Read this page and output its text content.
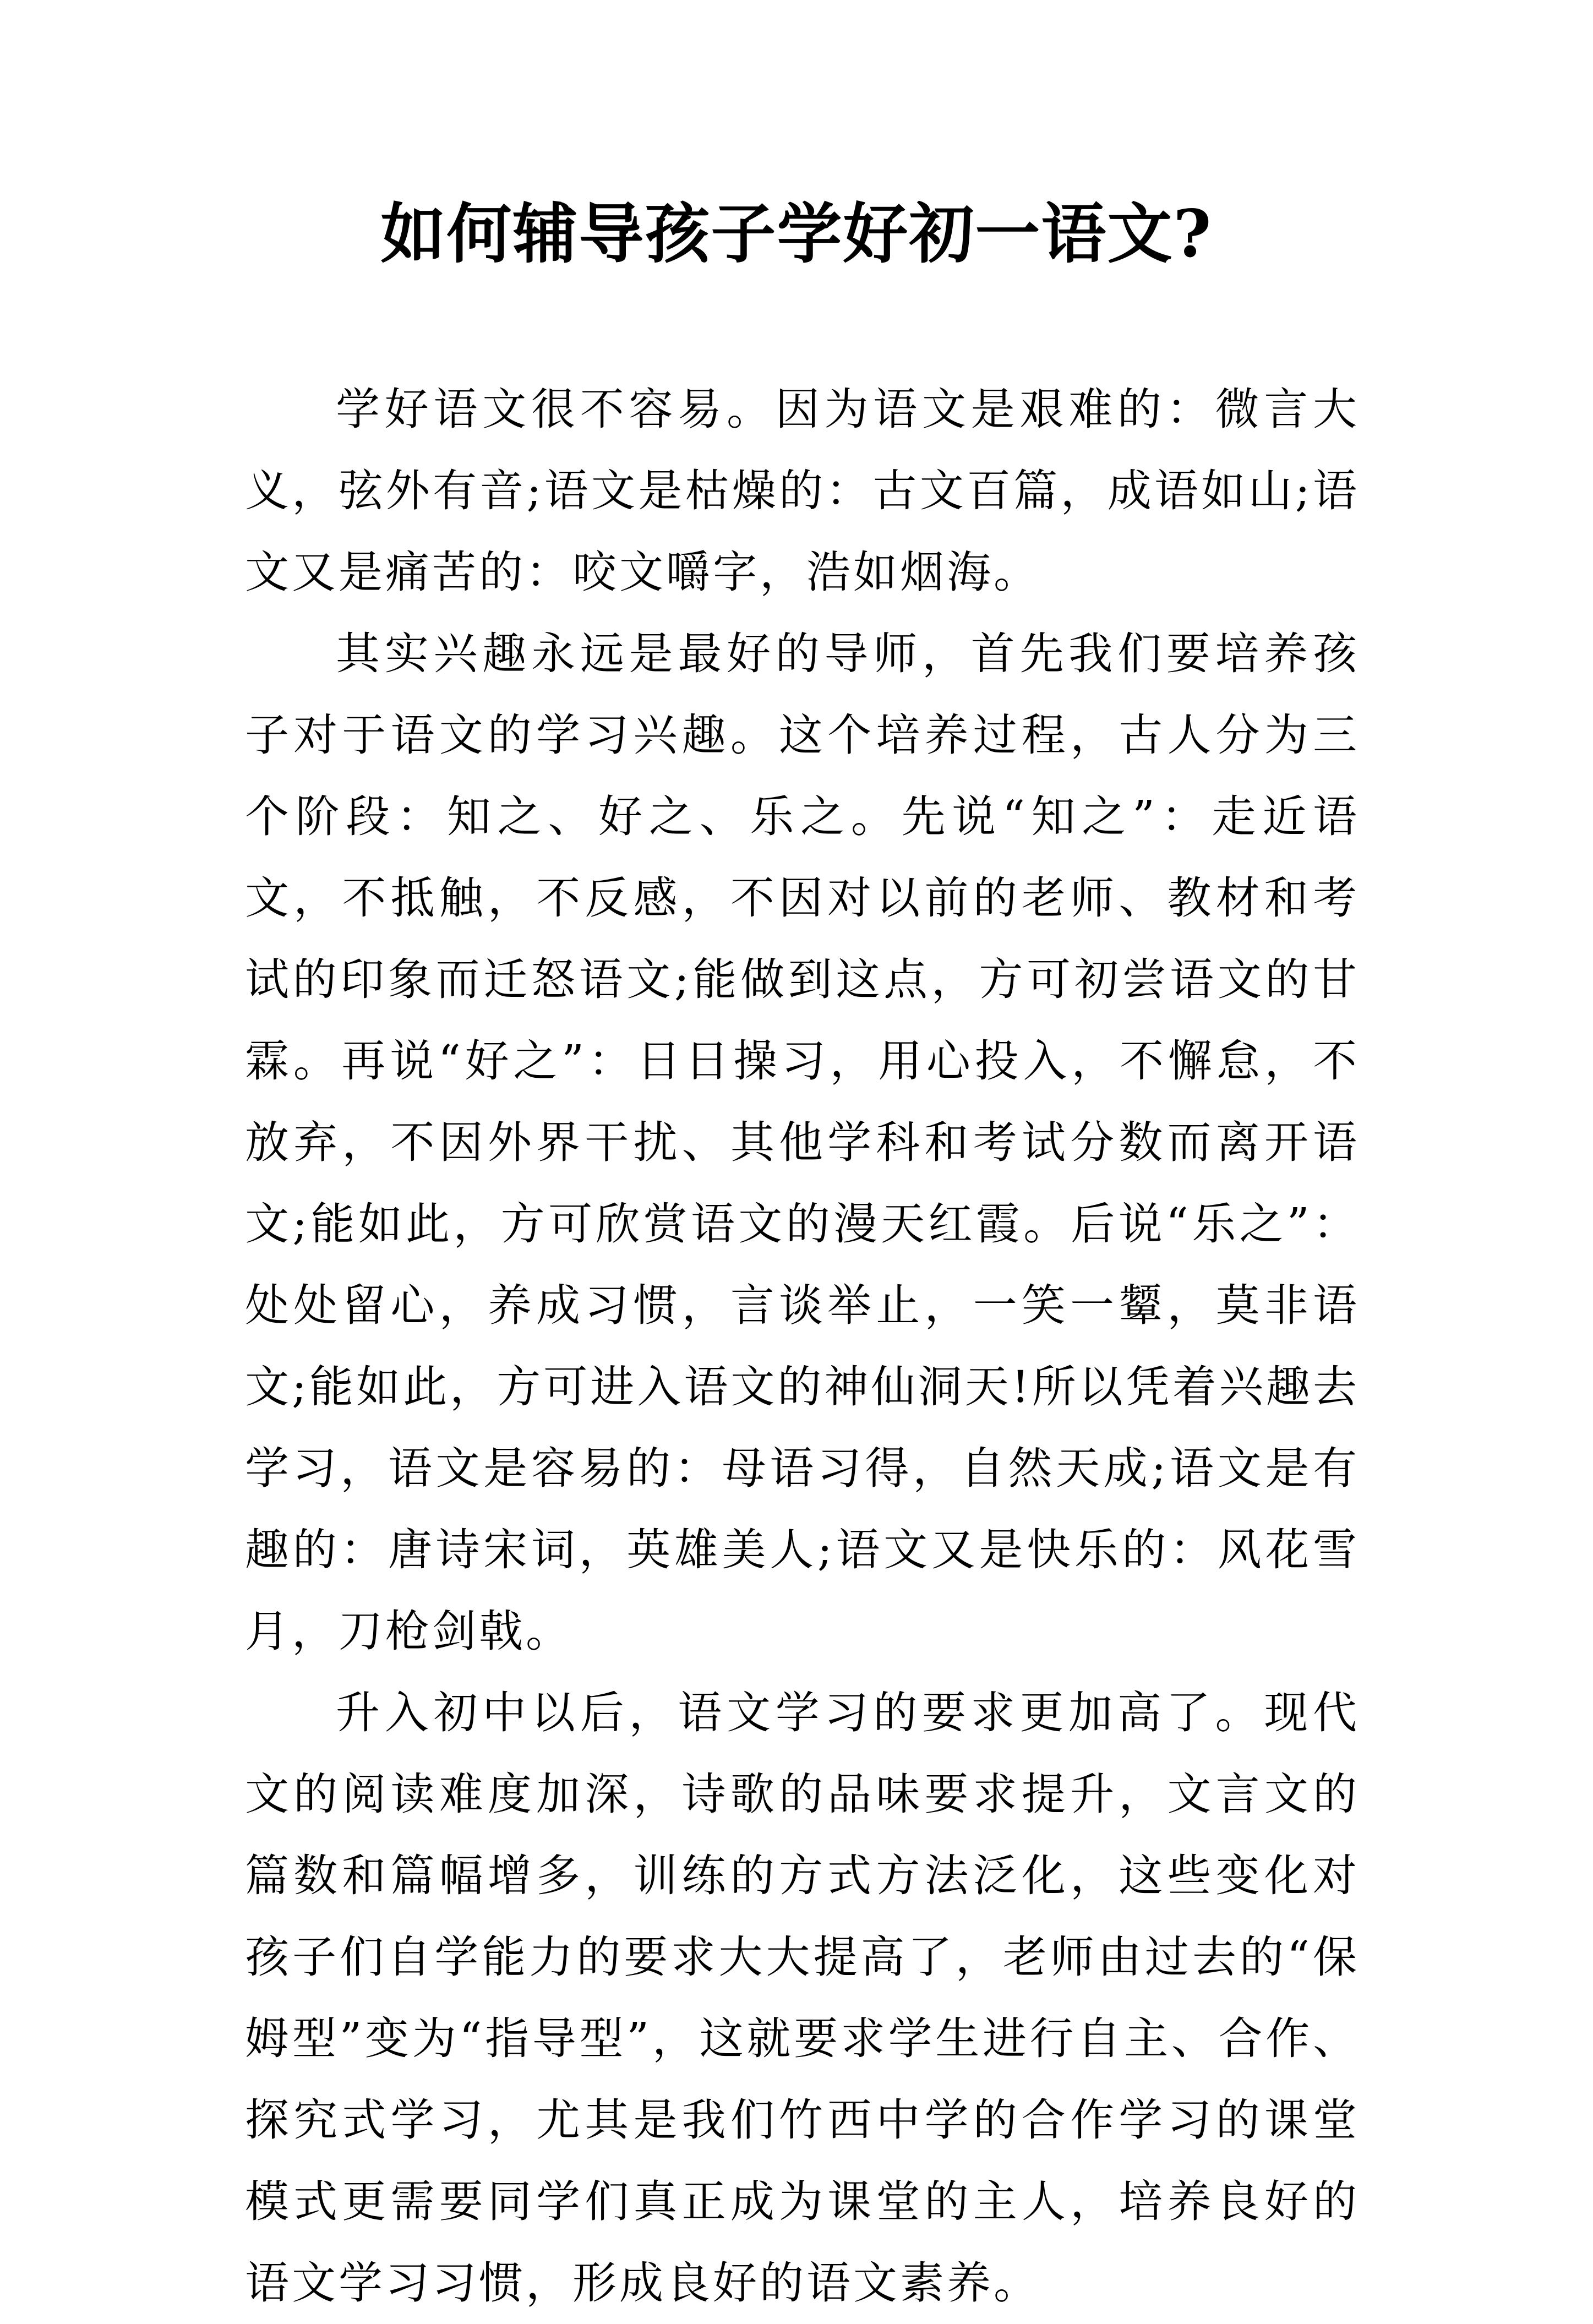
如何辅导孩子学好初一语文?

学好语文很不容易。因为语文是艰难的：微言大义，弦外有音;语文是枯燥的：古文百篇，成语如山;语文又是痛苦的：咬文嚼字，浩如烟海。

其实兴趣永远是最好的导师，首先我们要培养孩子对于语文的学习兴趣。这个培养过程，古人分为三个阶段：知之、好之、乐之。先说“知之”：走近语文，不抵触，不反感，不因对以前的老师、教材和考试的印象而迁怒语文;能做到这点，方可初尝语文的甘霖。再说“好之”：日日操习，用心投入，不懈怠，不放弃，不因外界干扰、其他学科和考试分数而离开语文;能如此，方可欣赏语文的漫天红霞。后说“乐之”：处处留心，养成习惯，言谈举止，一笑一颦，莫非语文;能如此，方可进入语文的神仙洞天!所以凭着兴趣去学习，语文是容易的：母语习得，自然天成;语文是有趣的：唐诗宋词，英雄美人;语文又是快乐的：风花雪月，刀枪剑戟。

升入初中以后，语文学习的要求更加高了。现代文的阅读难度加深，诗歌的品味要求提升，文言文的篇数和篇幅增多，训练的方式方法泛化，这些变化对孩子们自学能力的要求大大提高了，老师由过去的“保姆型”变为“指导型”，这就要求学生进行自主、合作、探究式学习，尤其是我们竹西中学的合作学习的课堂模式更需要同学们真正成为课堂的主人，培养良好的语文学习习惯，形成良好的语文素养。
